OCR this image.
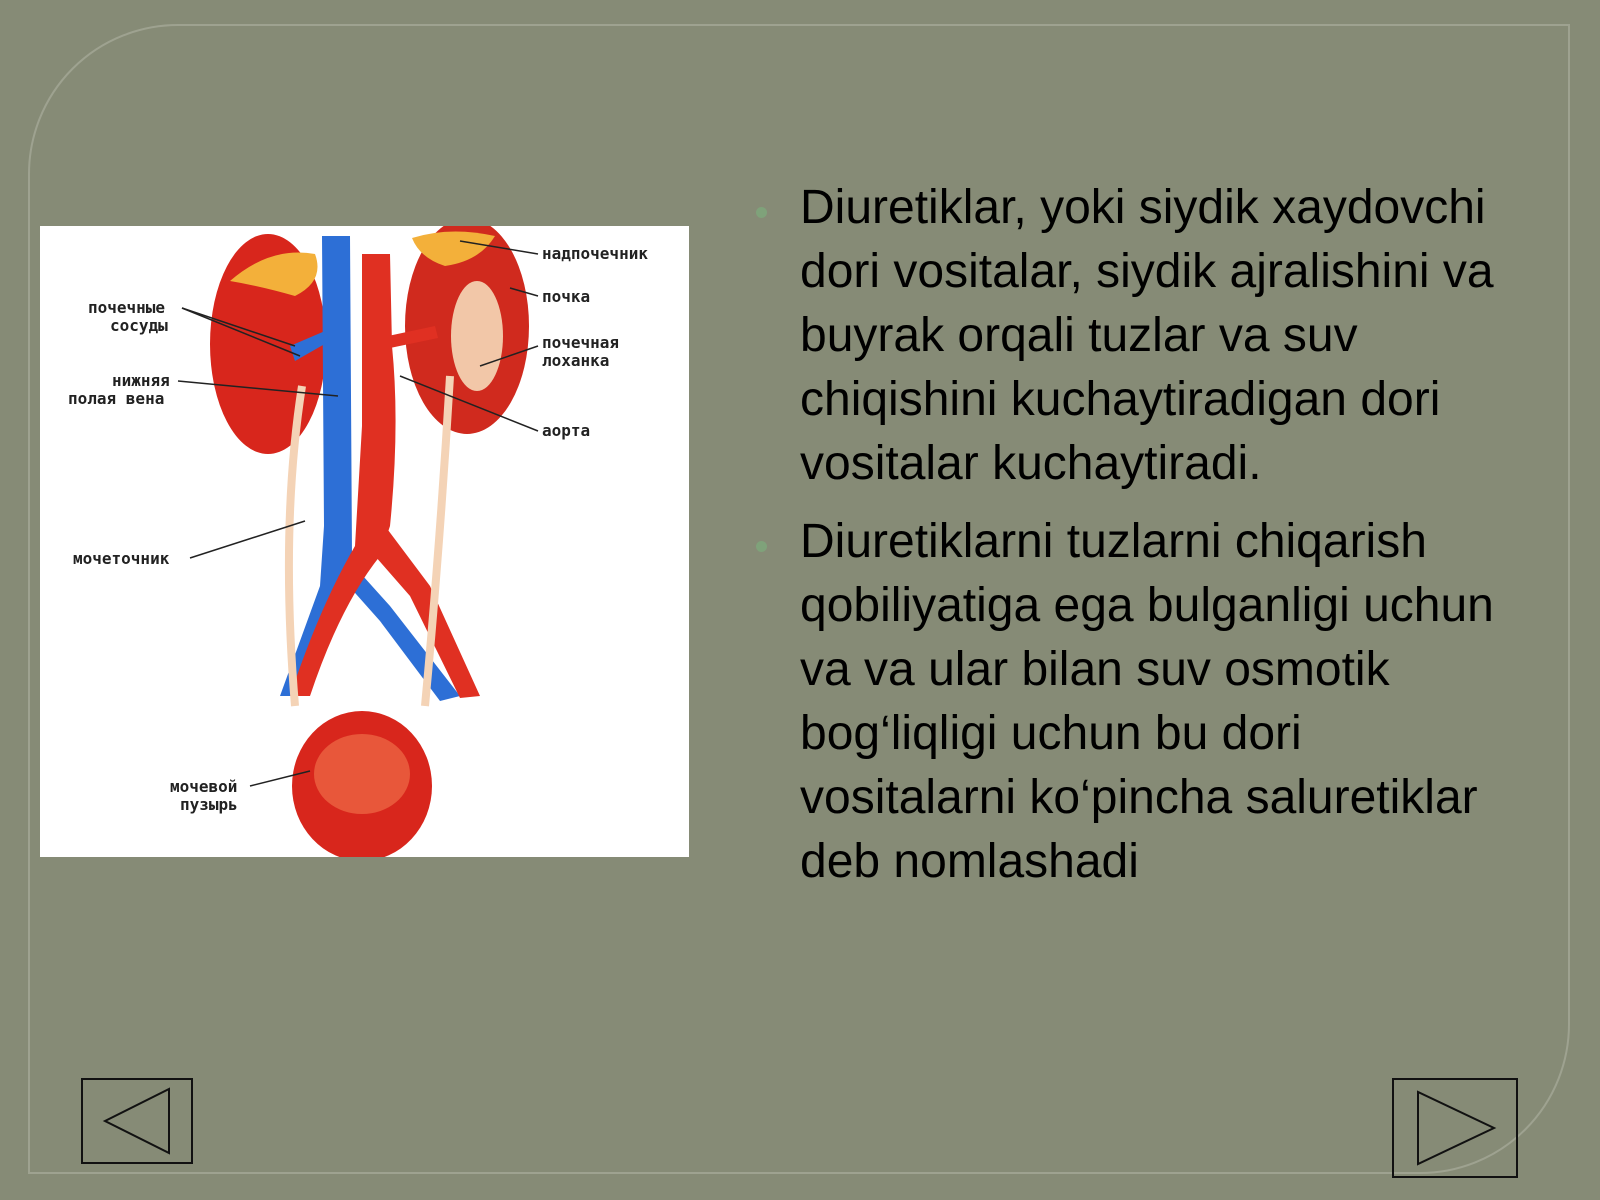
надпочечник
почка
почечная
лоханка
почечные
сосуды
нижняя
полая вена
аорта
мочеточник
мочевой
пузырь

Diuretiklar, yoki siydik xaydovchi dori vositalar, siydik ajralishini va buyrak orqali tuzlar va suv chiqishini kuchaytiradigan dori vositalar kuchaytiradi.

Diuretiklarni tuzlarni chiqarish qobiliyatiga ega bulganligi uchun va va ular bilan suv osmotik bog‘liqligi uchun bu dori vositalarni ko‘pincha saluretiklar deb nomlashadi
